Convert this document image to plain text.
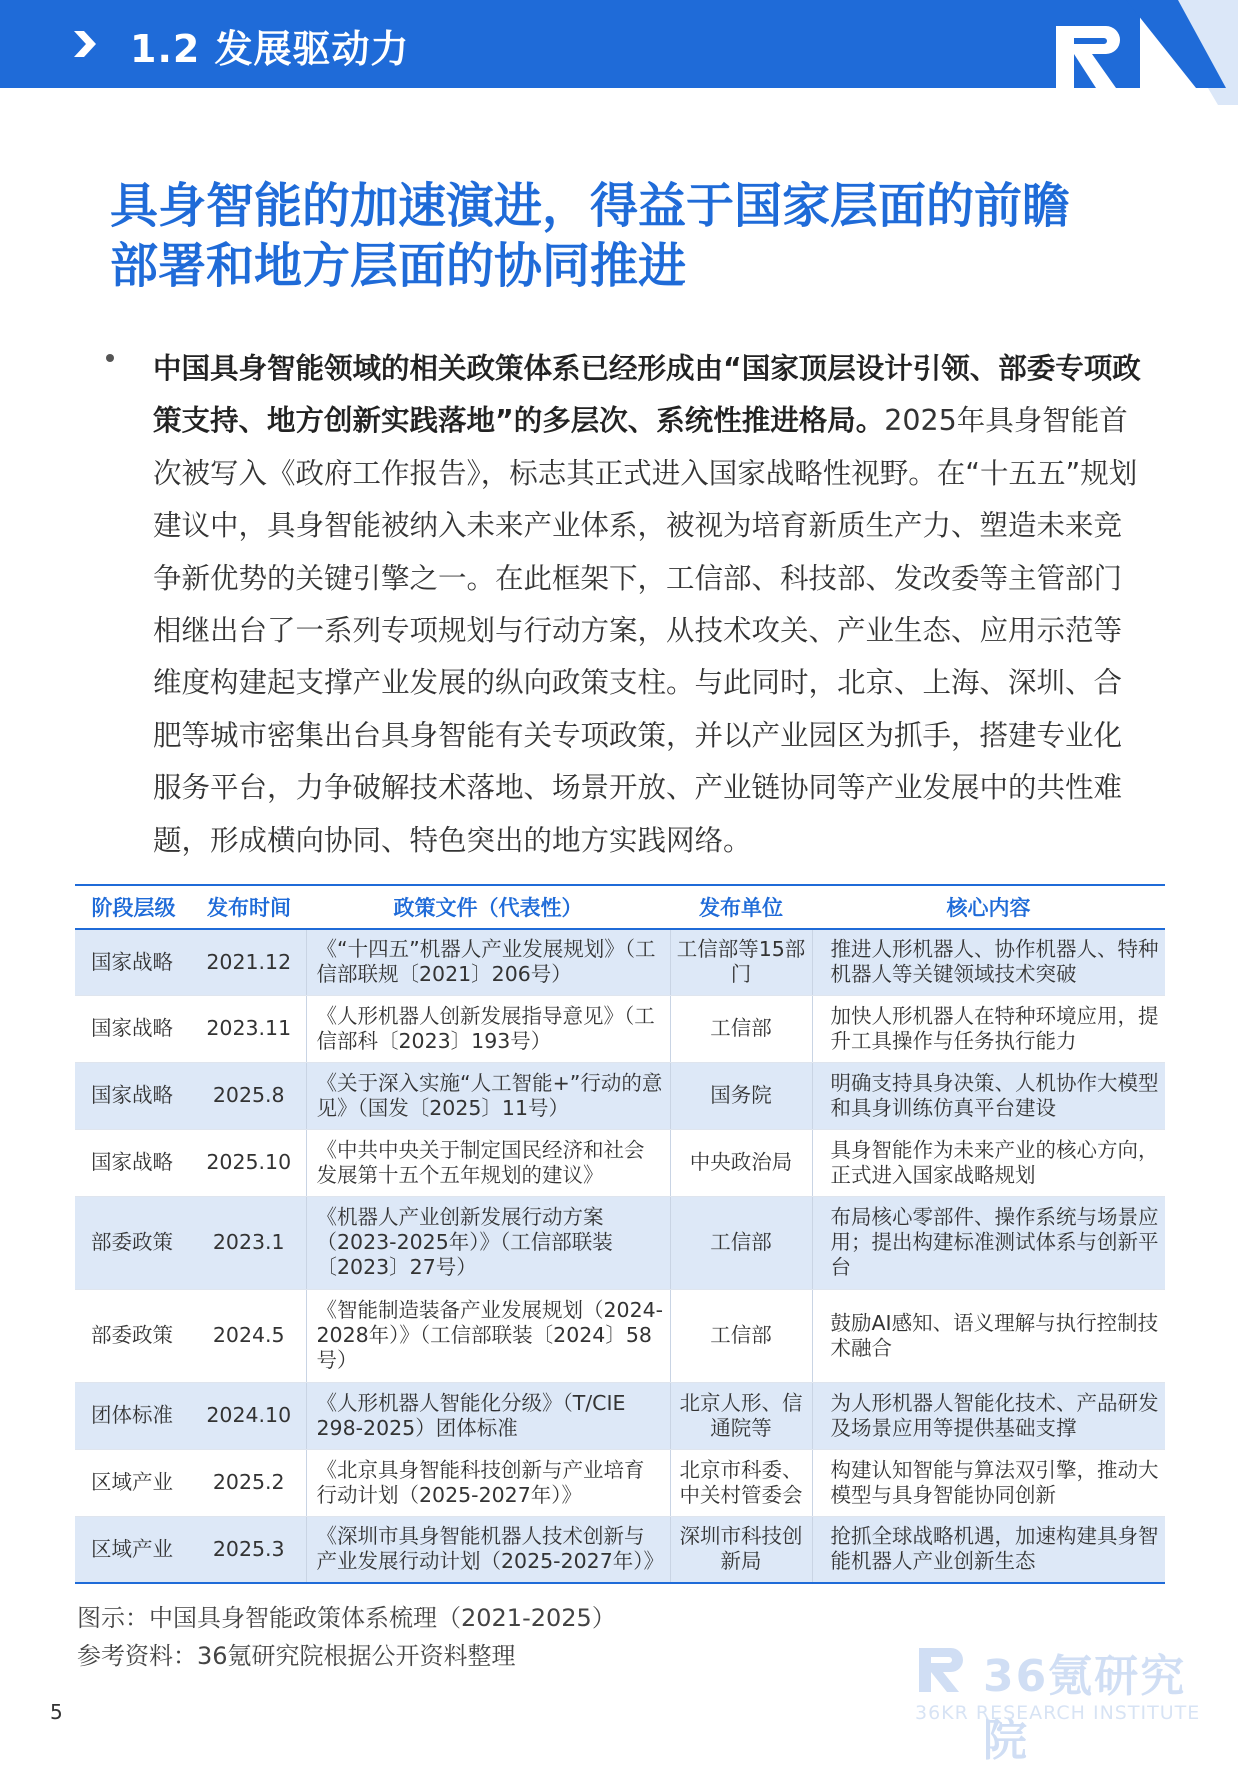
1.2 发展驱动力
具身智能的加速演进，得益于国家层面的前瞻
部署和地方层面的协同推进
中国具身智能领域的相关政策体系已经形成由“国家顶层设计引领、部委专项政策支持、地方创新实践落地”的多层次、系统性推进格局。2025年具身智能首次被写入《政府工作报告》，标志其正式进入国家战略性视野。在“十五五”规划建议中，具身智能被纳入未来产业体系，被视为培育新质生产力、塑造未来竞争新优势的关键引擎之一。在此框架下，工信部、科技部、发改委等主管部门相继出台了一系列专项规划与行动方案，从技术攻关、产业生态、应用示范等维度构建起支撑产业发展的纵向政策支柱。与此同时，北京、上海、深圳、合肥等城市密集出台具身智能有关专项政策，并以产业园区为抓手，搭建专业化服务平台，力争破解技术落地、场景开放、产业链协同等产业发展中的共性难题，形成横向协同、特色突出的地方实践网络。
阶段层级	发布时间	政策文件（代表性）	发布单位	核心内容
国家战略	2021.12	《“十四五”机器人产业发展规划》（工信部联规〔2021〕206号）	工信部等15部门	推进人形机器人、协作机器人、特种机器人等关键领域技术突破
国家战略	2023.11	《人形机器人创新发展指导意见》（工信部科〔2023〕193号）	工信部	加快人形机器人在特种环境应用，提升工具操作与任务执行能力
国家战略	2025.8	《关于深入实施“人工智能+”行动的意见》（国发〔2025〕11号）	国务院	明确支持具身决策、人机协作大模型和具身训练仿真平台建设
国家战略	2025.10	《中共中央关于制定国民经济和社会发展第十五个五年规划的建议》	中央政治局	具身智能作为未来产业的核心方向，正式进入国家战略规划
部委政策	2023.1	《机器人产业创新发展行动方案（2023-2025年）》（工信部联装〔2023〕27号）	工信部	布局核心零部件、操作系统与场景应用；提出构建标准测试体系与创新平台
部委政策	2024.5	《智能制造装备产业发展规划（2024-2028年）》（工信部联装〔2024〕58号）	工信部	鼓励AI感知、语义理解与执行控制技术融合
团体标准	2024.10	《人形机器人智能化分级》（T/CIE 298-2025）团体标准	北京人形、信通院等	为人形机器人智能化技术、产品研发及场景应用等提供基础支撑
区域产业	2025.2	《北京具身智能科技创新与产业培育行动计划（2025-2027年）》	北京市科委、中关村管委会	构建认知智能与算法双引擎，推动大模型与具身智能协同创新
区域产业	2025.3	《深圳市具身智能机器人技术创新与产业发展行动计划（2025-2027年）》	深圳市科技创新局	抢抓全球战略机遇，加速构建具身智能机器人产业创新生态
图示：中国具身智能政策体系梳理（2021-2025）
参考资料：36氪研究院根据公开资料整理	36氪研究院
36KR RESEARCH INSTITUTE
5
